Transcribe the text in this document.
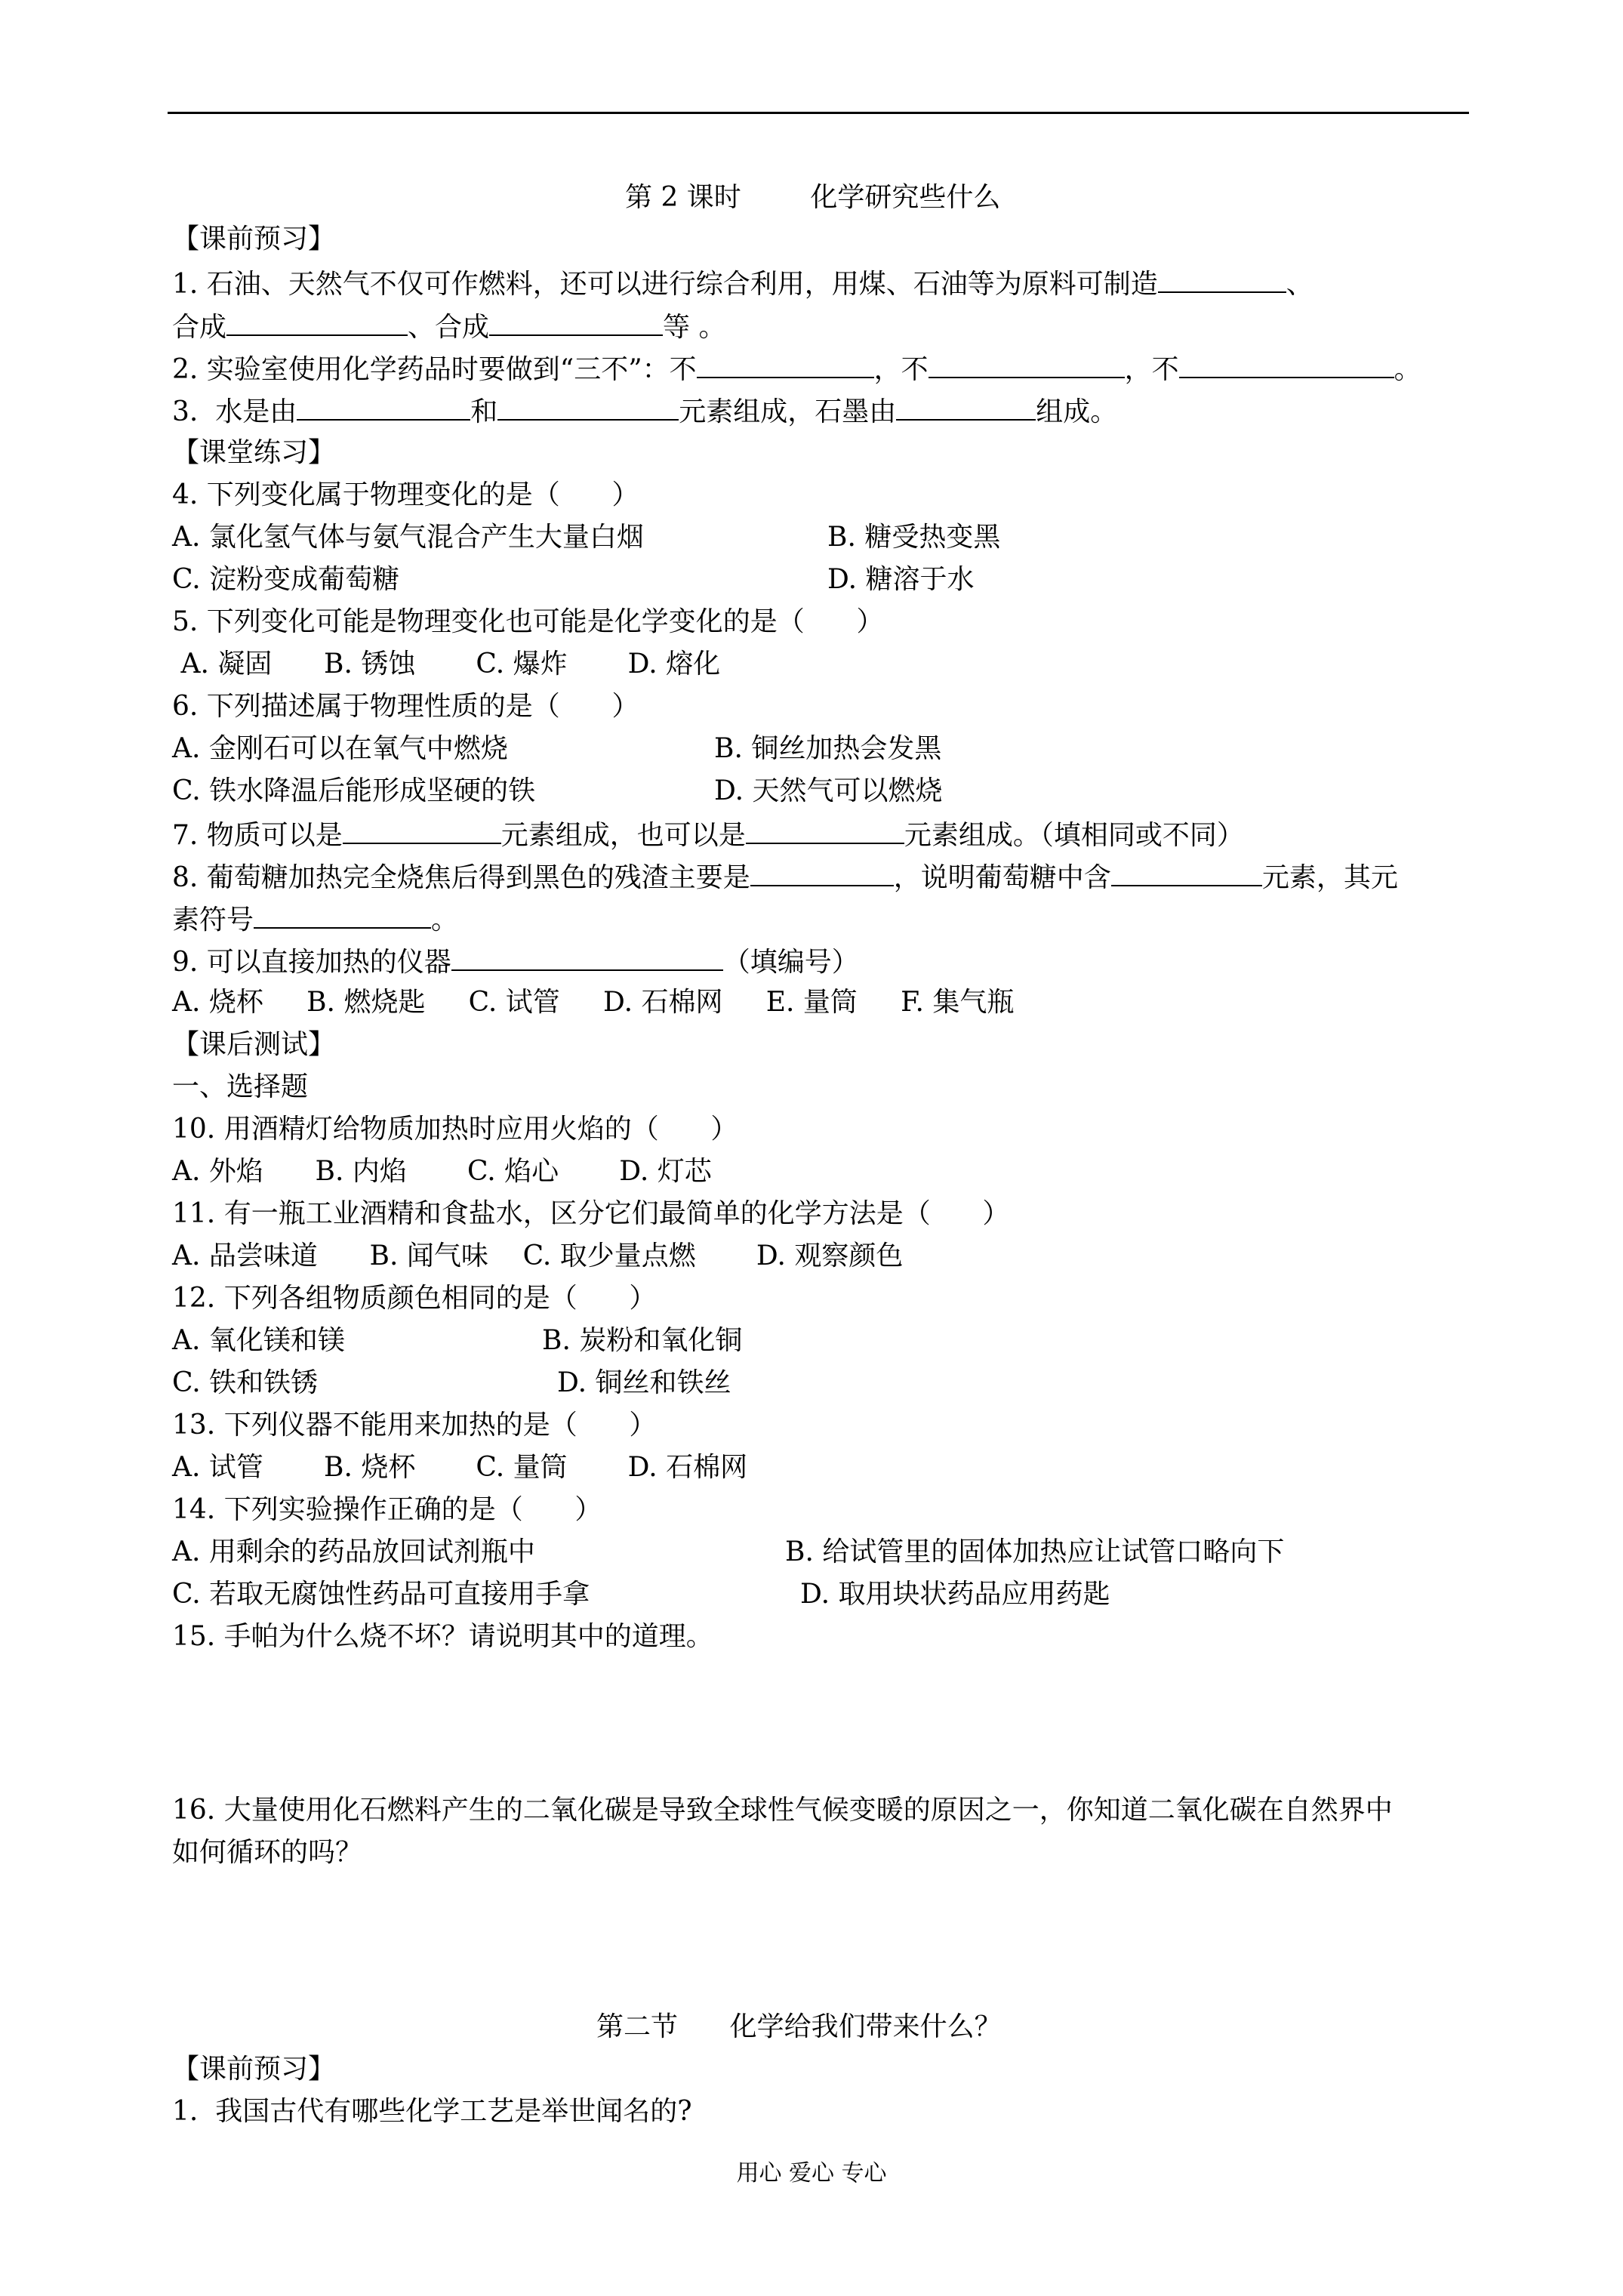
第 2 课时        化学研究些什么
【课前预习】
1. 石油、天然气不仅可作燃料，还可以进行综合利用，用煤、石油等为原料可制造	、
合成	、合成	等 。
2. 实验室使用化学药品时要做到“三不”：不	，不	，不	。
3.  水是由	和	元素组成，石墨由	组成。
【课堂练习】
4. 下列变化属于物理变化的是（      ）
A. 氯化氢气体与氨气混合产生大量白烟	B. 糖受热变黑
C. 淀粉变成葡萄糖	D. 糖溶于水
5. 下列变化可能是物理变化也可能是化学变化的是（      ）
A. 凝固      B. 锈蚀       C. 爆炸       D. 熔化
6. 下列描述属于物理性质的是（      ）
A. 金刚石可以在氧气中燃烧	B. 铜丝加热会发黑
C. 铁水降温后能形成坚硬的铁	D. 天然气可以燃烧
7. 物质可以是	元素组成，也可以是	元素组成。（填相同或不同）
8. 葡萄糖加热完全烧焦后得到黑色的残渣主要是	，说明葡萄糖中含	元素，其元
素符号	。
9. 可以直接加热的仪器	（填编号）
A. 烧杯     B. 燃烧匙     C. 试管     D. 石棉网     E. 量筒     F. 集气瓶
【课后测试】
一、选择题
10. 用酒精灯给物质加热时应用火焰的（      ）
A. 外焰      B. 内焰       C. 焰心       D. 灯芯
11. 有一瓶工业酒精和食盐水，区分它们最简单的化学方法是（      ）
A. 品尝味道      B. 闻气味    C. 取少量点燃       D. 观察颜色
12. 下列各组物质颜色相同的是（      ）
A. 氧化镁和镁	B. 炭粉和氧化铜
C. 铁和铁锈	D. 铜丝和铁丝
13. 下列仪器不能用来加热的是（      ）
A. 试管       B. 烧杯       C. 量筒       D. 石棉网
14. 下列实验操作正确的是（      ）
A. 用剩余的药品放回试剂瓶中	B. 给试管里的固体加热应让试管口略向下
C. 若取无腐蚀性药品可直接用手拿	D. 取用块状药品应用药匙
15. 手帕为什么烧不坏？请说明其中的道理。
16. 大量使用化石燃料产生的二氧化碳是导致全球性气候变暖的原因之一，你知道二氧化碳在自然界中
如何循环的吗？
第二节      化学给我们带来什么？
【课前预习】
1.  我国古代有哪些化学工艺是举世闻名的?
用心 爱心 专心
